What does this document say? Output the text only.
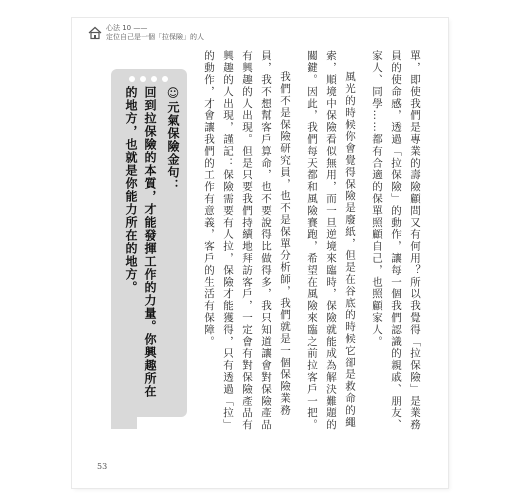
心法 10 ——
定位自己是一個「拉保險」的人

單，即使我們是專業的壽險顧問又有何用？所以我覺得「拉保險」是業務員的使命感，透過「拉保險」的動作，讓每一個我們認識的親戚、朋友、家人、同學……都有合適的保單照顧自己，也照顧家人。

風光的時候你會覺得保險是廢紙，但是在谷底的時候它卻是救命的繩索，順境中保險看似無用，而一旦逆境來臨時，保險就能成為解決難題的關鍵。因此，我們每天都和風險賽跑，希望在風險來臨之前拉客戶一把。

我們不是保險研究員，也不是保單分析師，我們就是一個保險業務員，我不想幫客戶算命，也不要說得比做得多，我只知道讓會對保險產品有興趣的人出現。但是只要我們持續地拜訪客戶，一定會有對保險產品有興趣的人出現，謹記：保險需要有人拉，保險才能獲得，只有透過「拉」的動作，才會讓我們的工作有意義，客戶的生活有保障。

☺元氣保險金句：
回到拉保險的本質，才能發揮工作的力量。你興趣所在的地方，也就是你能力所在的地方。
53
